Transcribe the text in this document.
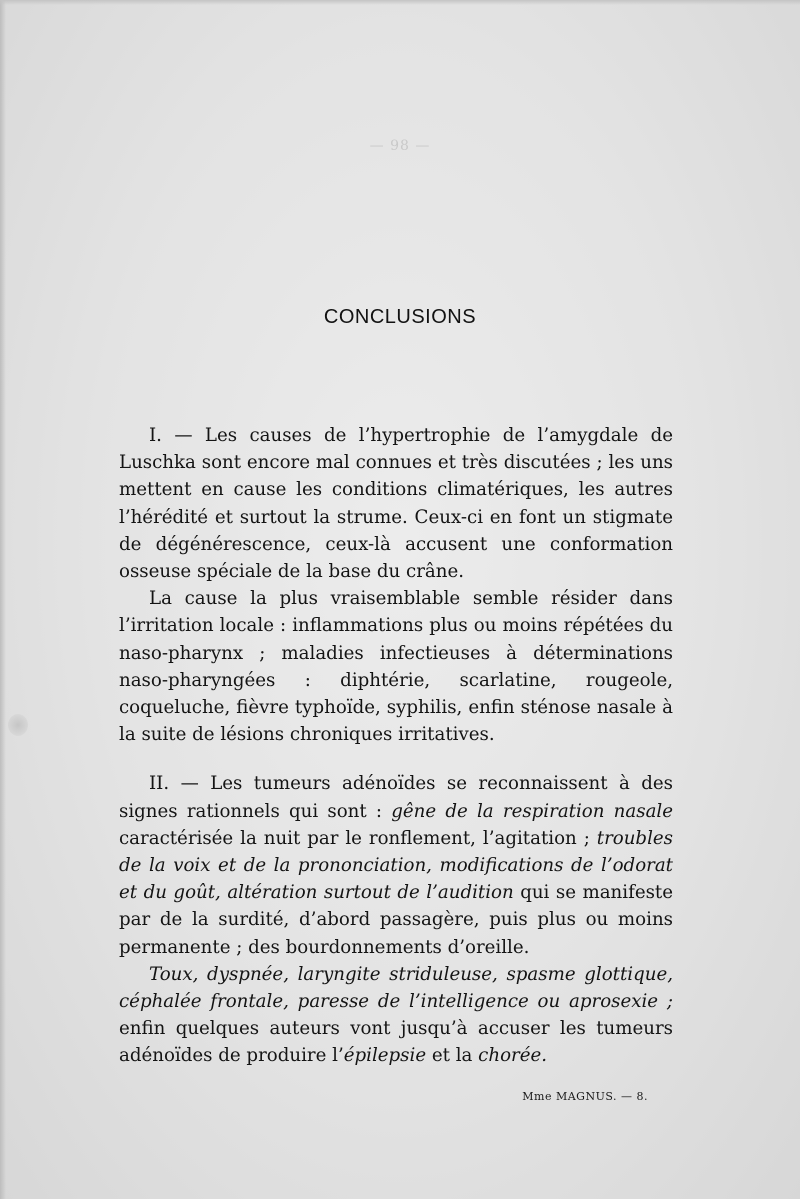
— 98 —
CONCLUSIONS

I. — Les causes de l’hypertrophie de l’amygdale de Luschka sont encore mal connues et très discutées ; les uns mettent en cause les conditions climatériques, les autres l’hérédité et surtout la strume. Ceux-ci en font un stigmate de dégénérescence, ceux-là accusent une conformation osseuse spéciale de la base du crâne.

La cause la plus vraisemblable semble résider dans l’irritation locale : inflammations plus ou moins répétées du naso-pharynx ; maladies infectieuses à déterminations naso-pharyngées : diphtérie, scarlatine, rougeole, coqueluche, fièvre typhoïde, syphilis, enfin sténose nasale à la suite de lésions chroniques irritatives.

II. — Les tumeurs adénoïdes se reconnaissent à des signes rationnels qui sont : gêne de la respiration nasale caractérisée la nuit par le ronflement, l’agitation ; troubles de la voix et de la prononciation, modifications de l’odorat et du goût, altération surtout de l’audition qui se manifeste par de la surdité, d’abord passagère, puis plus ou moins permanente ; des bourdonnements d’oreille.

Toux, dyspnée, laryngite striduleuse, spasme glottique, céphalée frontale, paresse de l’intelligence ou aprosexie ; enfin quelques auteurs vont jusqu’à accuser les tumeurs adénoïdes de produire l’épilepsie et la chorée.

Mme MAGNUS. — 8.
